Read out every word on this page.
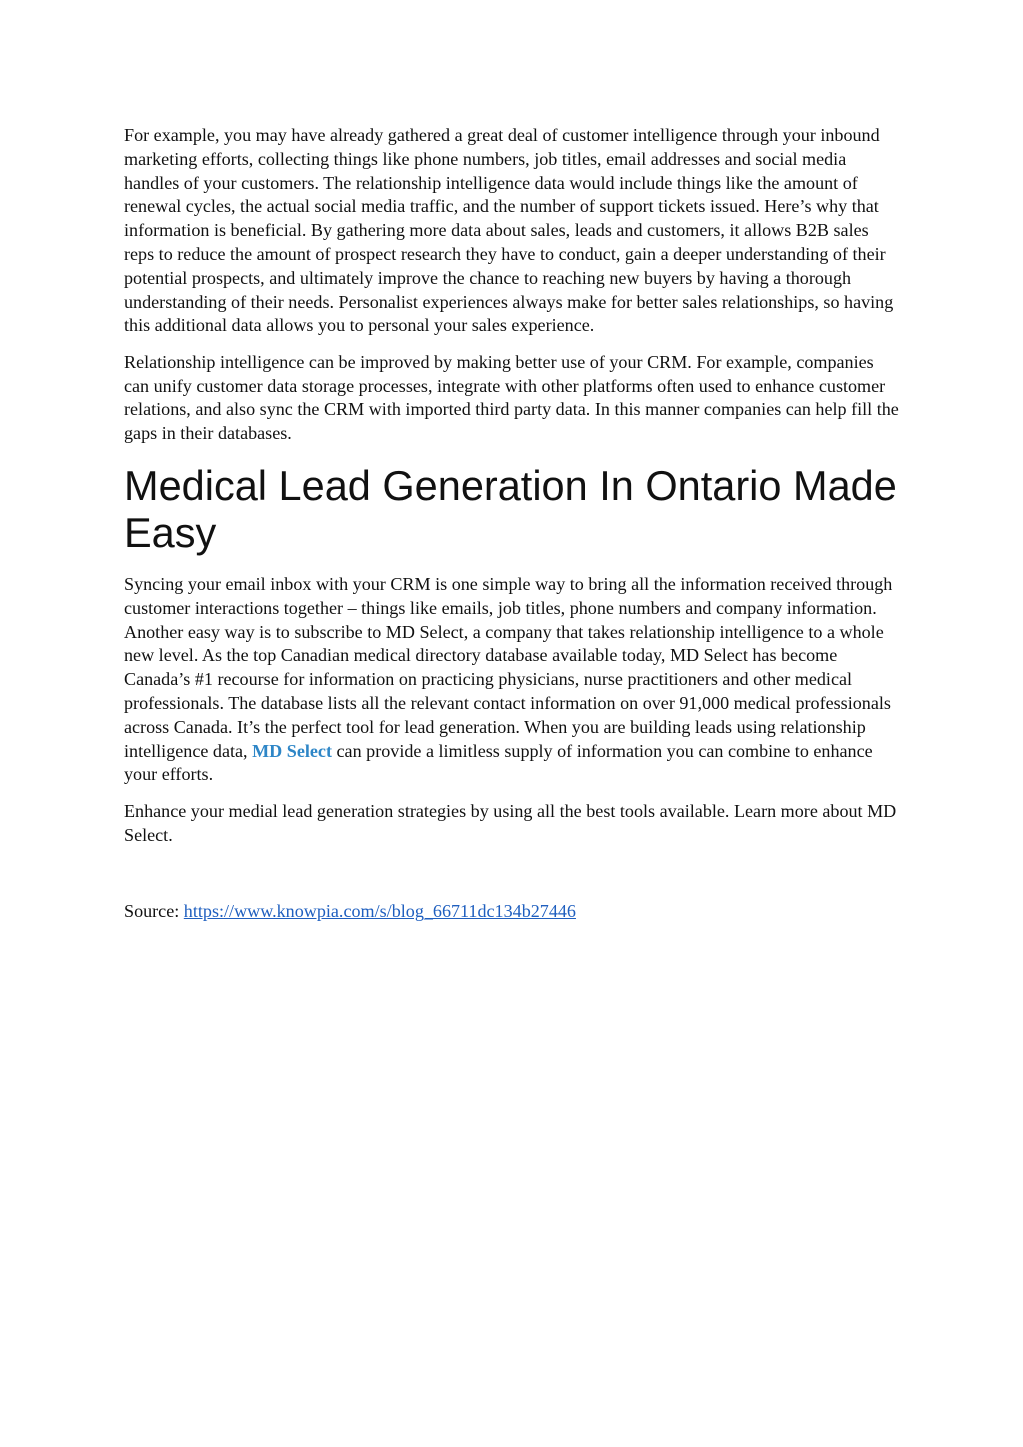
For example, you may have already gathered a great deal of customer intelligence through your inbound marketing efforts, collecting things like phone numbers, job titles, email addresses and social media handles of your customers. The relationship intelligence data would include things like the amount of renewal cycles, the actual social media traffic, and the number of support tickets issued. Here’s why that information is beneficial. By gathering more data about sales, leads and customers, it allows B2B sales reps to reduce the amount of prospect research they have to conduct, gain a deeper understanding of their potential prospects, and ultimately improve the chance to reaching new buyers by having a thorough understanding of their needs. Personalist experiences always make for better sales relationships, so having this additional data allows you to personal your sales experience.

Relationship intelligence can be improved by making better use of your CRM. For example, companies can unify customer data storage processes, integrate with other platforms often used to enhance customer relations, and also sync the CRM with imported third party data. In this manner companies can help fill the gaps in their databases.

Medical Lead Generation In Ontario Made Easy

Syncing your email inbox with your CRM is one simple way to bring all the information received through customer interactions together – things like emails, job titles, phone numbers and company information. Another easy way is to subscribe to MD Select, a company that takes relationship intelligence to a whole new level. As the top Canadian medical directory database available today, MD Select has become Canada’s #1 recourse for information on practicing physicians, nurse practitioners and other medical professionals. The database lists all the relevant contact information on over 91,000 medical professionals across Canada. It’s the perfect tool for lead generation. When you are building leads using relationship intelligence data, MD Select can provide a limitless supply of information you can combine to enhance your efforts.

Enhance your medial lead generation strategies by using all the best tools available. Learn more about MD Select.

Source: https://www.knowpia.com/s/blog_66711dc134b27446
